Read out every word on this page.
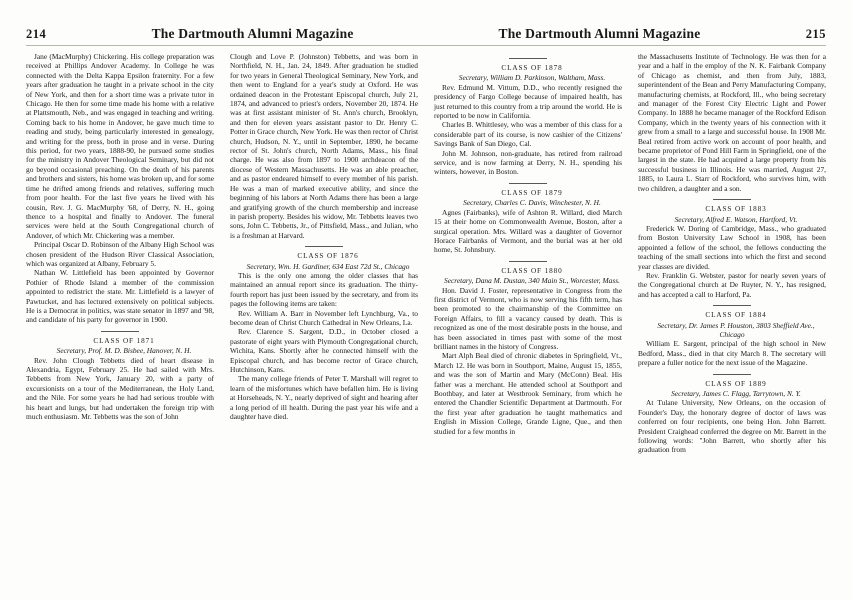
214	The Dartmouth Alumni Magazine	The Dartmouth Alumni Magazine	215

Jane (MacMurphy) Chickering. His college preparation was received at Phillips Andover Academy. In College he was connected with the Delta Kappa Epsilon fraternity. For a few years after graduation he taught in a private school in the city of New York, and then for a short time was a private tutor in Chicago. He then for some time made his home with a relative at Plattsmouth, Neb., and was engaged in teaching and writing. Coming back to his home in Andover, he gave much time to reading and study, being particularly interested in genealogy, and writing for the press, both in prose and in verse. During this period, for two years, 1888-90, he pursued some studies for the ministry in Andover Theological Seminary, but did not go beyond occasional preaching. On the death of his parents and brothers and sisters, his home was broken up, and for some time he drifted among friends and relatives, suffering much from poor health. For the last five years he lived with his cousin, Rev. J. G. MacMurphy '68, of Derry, N. H., going thence to a hospital and finally to Andover. The funeral services were held at the South Congregational church of Andover, of which Mr. Chickering was a member.

Principal Oscar D. Robinson of the Albany High School was chosen president of the Hudson River Classical Association, which was organized at Albany, February 5.

Nathan W. Littlefield has been appointed by Governor Pothier of Rhode Island a member of the commission appointed to redistrict the state. Mr. Littlefield is a lawyer of Pawtucket, and has lectured extensively on political subjects. He is a Democrat in politics, was state senator in 1897 and '98, and candidate of his party for governor in 1900.

CLASS OF 1871

Secretary, Prof. M. D. Bisbee, Hanover, N. H.

Rev. John Clough Tebbetts died of heart disease in Alexandria, Egypt, February 25. He had sailed with Mrs. Tebbetts from New York, January 20, with a party of excursionists on a tour of the Mediterranean, the Holy Land, and the Nile. For some years he had had serious trouble with his heart and lungs, but had undertaken the foreign trip with much enthusiasm. Mr. Tebbetts was the son of John

Clough and Love P. (Johnston) Tebbetts, and was born in Northfield, N. H., Jan. 24, 1849. After graduation he studied for two years in General Theological Seminary, New York, and then went to England for a year's study at Oxford. He was ordained deacon in the Protestant Episcopal church, July 21, 1874, and advanced to priest's orders, November 20, 1874. He was at first assistant minister of St. Ann's church, Brooklyn, and then for eleven years assistant pastor to Dr. Henry C. Potter in Grace church, New York. He was then rector of Christ church, Hudson, N. Y., until in September, 1890, he became rector of St. John's church, North Adams, Mass., his final charge. He was also from 1897 to 1900 archdeacon of the diocese of Western Massachusetts. He was an able preacher, and as pastor endeared himself to every member of his parish. He was a man of marked executive ability, and since the beginning of his labors at North Adams there has been a large and gratifying growth of the church membership and increase in parish property. Besides his widow, Mr. Tebbetts leaves two sons, John C. Tebbetts, Jr., of Pittsfield, Mass., and Julian, who is a freshman at Harvard.

CLASS OF 1876

Secretary, Wm. H. Gardiner, 634 East 72d St., Chicago

This is the only one among the older classes that has maintained an annual report since its graduation. The thirty-fourth report has just been issued by the secretary, and from its pages the following items are taken:

Rev. William A. Barr in November left Lynchburg, Va., to become dean of Christ Church Cathedral in New Orleans, La.

Rev. Clarence S. Sargent, D.D., in October closed a pastorate of eight years with Plymouth Congregational church, Wichita, Kans. Shortly after he connected himself with the Episcopal church, and has become rector of Grace church, Hutchinson, Kans.

The many college friends of Peter T. Marshall will regret to learn of the misfortunes which have befallen him. He is living at Horseheads, N. Y., nearly deprived of sight and hearing after a long period of ill health. During the past year his wife and a daughter have died.

CLASS OF 1878

Secretary, William D. Parkinson, Waltham, Mass.

Rev. Edmund M. Vittum, D.D., who recently resigned the presidency of Fargo College because of impaired health, has just returned to this country from a trip around the world. He is reported to be now in California.

Charles B. Whittlesey, who was a member of this class for a considerable part of its course, is now cashier of the Citizens' Savings Bank of San Diego, Cal.

John M. Johnson, non-graduate, has retired from railroad service, and is now farming at Derry, N. H., spending his winters, however, in Boston.

CLASS OF 1879

Secretary, Charles C. Davis, Winchester, N. H.

Agnes (Fairbanks), wife of Ashton R. Willard, died March 15 at their home on Commonwealth Avenue, Boston, after a surgical operation. Mrs. Willard was a daughter of Governor Horace Fairbanks of Vermont, and the burial was at her old home, St. Johnsbury.

CLASS OF 1880

Secretary, Dana M. Dustan, 340 Main St., Worcester, Mass.

Hon. David J. Foster, representative in Congress from the first district of Vermont, who is now serving his fifth term, has been promoted to the chairmanship of the Committee on Foreign Affairs, to fill a vacancy caused by death. This is recognized as one of the most desirable posts in the house, and has been associated in times past with some of the most brilliant names in the history of Congress.

Mart Alph Beal died of chronic diabetes in Springfield, Vt., March 12. He was born in Southport, Maine, August 15, 1855, and was the son of Martin and Mary (McConn) Beal. His father was a merchant. He attended school at Southport and Boothbay, and later at Westbrook Seminary, from which he entered the Chandler Scientific Department at Dartmouth. For the first year after graduation he taught mathematics and English in Mission College, Grande Ligne, Que., and then studied for a few months in

the Massachusetts Institute of Technology. He was then for a year and a half in the employ of the N. K. Fairbank Company of Chicago as chemist, and then from July, 1883, superintendent of the Bean and Perry Manufacturing Company, manufacturing chemists, at Rockford, Ill., who being secretary and manager of the Forest City Electric Light and Power Company. In 1888 he became manager of the Rockford Edison Company, which in the twenty years of his connection with it grew from a small to a large and successful house. In 1908 Mr. Beal retired from active work on account of poor health, and became proprietor of Pond Hill Farm in Springfield, one of the largest in the state. He had acquired a large property from his successful business in Illinois. He was married, August 27, 1885, to Laura L. Starr of Rockford, who survives him, with two children, a daughter and a son.

CLASS OF 1883

Secretary, Alfred E. Watson, Hartford, Vt.

Frederick W. Doring of Cambridge, Mass., who graduated from Boston University Law School in 1908, has been appointed a fellow of the school, the fellows conducting the teaching of the small sections into which the first and second year classes are divided.

Rev. Franklin G. Webster, pastor for nearly seven years of the Congregational church at De Ruyter, N. Y., has resigned, and has accepted a call to Harford, Pa.

CLASS OF 1884

Secretary, Dr. James P. Houston, 3803 Sheffield Ave., Chicago

William E. Sargent, principal of the high school in New Bedford, Mass., died in that city March 8. The secretary will prepare a fuller notice for the next issue of the Magazine.

CLASS OF 1889

Secretary, James C. Flagg, Tarrytown, N. Y.

At Tulane University, New Orleans, on the occasion of Founder's Day, the honorary degree of doctor of laws was conferred on four recipients, one being Hon. John Barrett. President Craighead conferred the degree on Mr. Barrett in the following words: "John Barrett, who shortly after his graduation from
